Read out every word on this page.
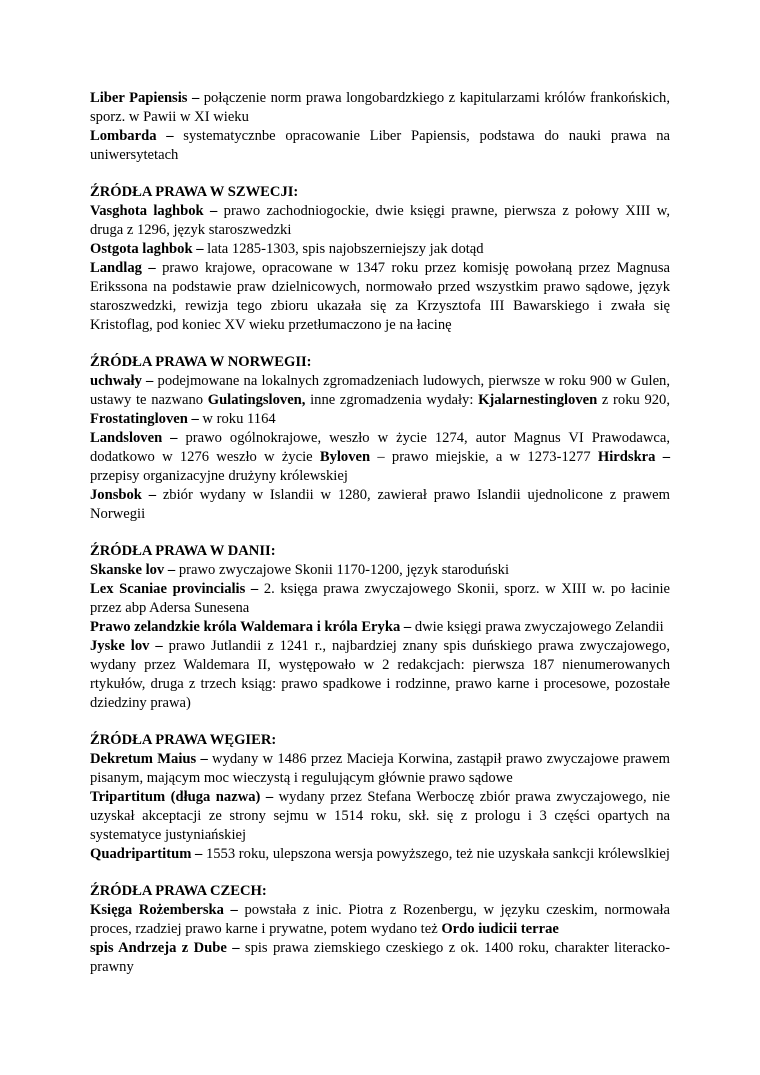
Liber Papiensis – połączenie norm prawa longobardzkiego z kapitularzami królów frankońskich, sporz. w Pawii w XI wieku

Lombarda – systematycznbe opracowanie Liber Papiensis, podstawa do nauki prawa na uniwersytetach

ŹRÓDŁA PRAWA W SZWECJI:

Vasghota laghbok – prawo zachodniogockie, dwie księgi prawne, pierwsza z połowy XIII w, druga z 1296, język staroszwedzki

Ostgota laghbok – lata 1285-1303, spis najobszerniejszy jak dotąd

Landlag – prawo krajowe, opracowane w 1347 roku przez komisję powołaną przez Magnusa Erikssona na podstawie praw dzielnicowych, normowało przed wszystkim prawo sądowe, język staroszwedzki, rewizja tego zbioru ukazała się za Krzysztofa III Bawarskiego i zwała się Kristoflag, pod koniec XV wieku przetłumaczono je na łacinę

ŹRÓDŁA PRAWA W NORWEGII:

uchwały – podejmowane na lokalnych zgromadzeniach ludowych, pierwsze w roku 900 w Gulen, ustawy te nazwano Gulatingsloven, inne zgromadzenia wydały: Kjalarnestingloven z roku 920, Frostatingloven – w roku 1164

Landsloven – prawo ogólnokrajowe, weszło w życie 1274, autor Magnus VI Prawodawca, dodatkowo w 1276 weszło w życie Byloven – prawo miejskie, a w 1273-1277 Hirdskra – przepisy organizacyjne drużyny królewskiej

Jonsbok – zbiór wydany w Islandii w 1280, zawierał prawo Islandii ujednolicone z prawem Norwegii

ŹRÓDŁA PRAWA W DANII:

Skanske lov – prawo zwyczajowe Skonii 1170-1200, język staroduński

Lex Scaniae provincialis – 2. księga prawa zwyczajowego Skonii, sporz. w XIII w. po łacinie przez abp Adersa Sunesena

Prawo zelandzkie króla Waldemara i króla Eryka – dwie księgi prawa zwyczajowego Zelandii

Jyske lov – prawo Jutlandii z 1241 r., najbardziej znany spis duńskiego prawa zwyczajowego, wydany przez Waldemara II, występowało w 2 redakcjach: pierwsza 187 nienumerowanych rtykułów, druga z trzech ksiąg: prawo spadkowe i rodzinne, prawo karne i procesowe, pozostałe dziedziny prawa)

ŹRÓDŁA PRAWA WĘGIER:

Dekretum Maius – wydany w 1486 przez Macieja Korwina, zastąpił prawo zwyczajowe prawem pisanym, mającym moc wieczystą i regulującym głównie prawo sądowe

Tripartitum (długa nazwa) – wydany przez Stefana Werboczę zbiór prawa zwyczajowego, nie uzyskał akceptacji ze strony sejmu w 1514 roku, skł. się z prologu i 3 części opartych na systematyce justyniańskiej

Quadripartitum – 1553 roku, ulepszona wersja powyższego, też nie uzyskała sankcji królewslkiej

ŹRÓDŁA PRAWA CZECH:

Księga Rożemberska – powstała z inic. Piotra z Rozenbergu, w języku czeskim, normowała proces, rzadziej prawo karne i prywatne, potem wydano też Ordo iudicii terrae

spis Andrzeja z Dube – spis prawa ziemskiego czeskiego z ok. 1400 roku, charakter literacko-prawny
